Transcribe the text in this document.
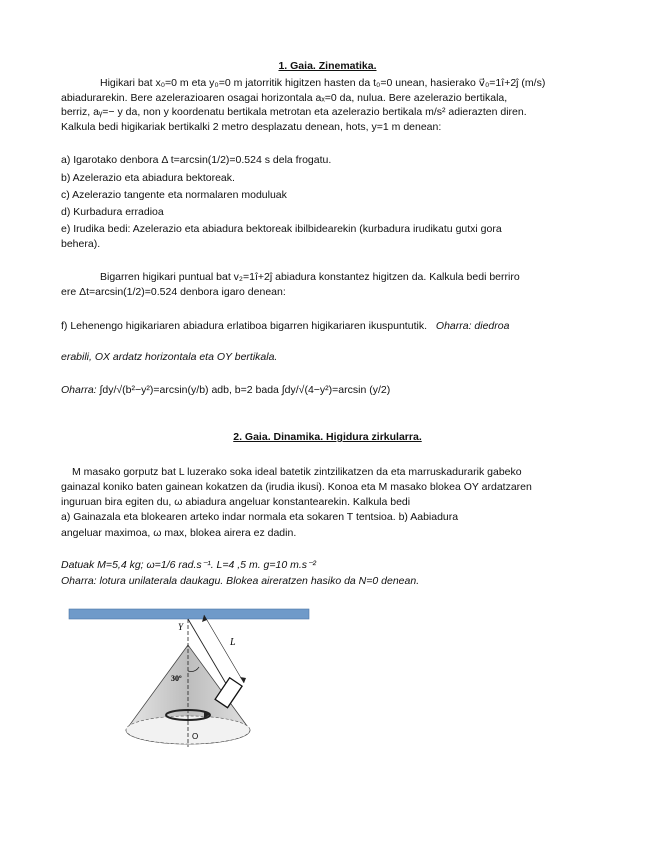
1. Gaia. Zinematika.
Higikari bat x₀=0 m eta y₀=0 m jatorritik higitzen hasten da t₀=0 unean, hasierako v⃗₀=1î+2ĵ (m/s)
abiadurarekin. Bere azelerazioaren osagai horizontala aₓ=0 da, nulua. Bere azelerazio bertikala,
berriz, aᵧ=− y da, non y koordenatu bertikala metrotan eta azelerazio bertikala m/s² adierazten diren.
Kalkula bedi higikariak bertikalki 2 metro desplazatu denean, hots, y=1 m denean:
a) Igarotako denbora Δ t=arcsin(1/2)=0.524 s dela frogatu.
b) Azelerazio eta abiadura bektoreak.
c) Azelerazio tangente eta normalaren moduluak
d) Kurbadura erradioa
e) Irudika bedi: Azelerazio eta abiadura bektoreak ibilbidearekin (kurbadura irudikatu gutxi gora
behera).
Bigarren higikari puntual bat v₂=1î+2ĵ abiadura konstantez higitzen da. Kalkula bedi berriro
ere Δt=arcsin(1/2)=0.524 denbora igaro denean:
f) Lehenengo higikariaren abiadura erlatiboa bigarren higikariaren ikuspuntutik. Oharra: diedroa
erabili, OX ardatz horizontala eta OY bertikala.
Oharra: ∫dy/√(b²−y²)=arcsin(y/b) adb, b=2 bada ∫dy/√(4−y²)=arcsin (y/2)
2. Gaia. Dinamika. Higidura zirkularra.
M masako gorputz bat L luzerako soka ideal batetik zintzilikatzen da eta marruskadurarik gabeko
gainazal koniko baten gainean kokatzen da (irudia ikusi). Konoa eta M masako blokea OY ardatzaren
inguruan bira egiten du, ω abiadura angeluar konstantearekin. Kalkula bedi
a) Gainazala eta blokearen arteko indar normala eta sokaren T tentsioa. b) Aabiadura
angeluar maximoa, ω max, blokea airera ez dadin.
Datuak M=5,4 kg; ω=1/6 rad.s⁻¹. L=4 ,5 m. g=10 m.s⁻²
Oharra: lotura unilaterala daukagu. Blokea aireratzen hasiko da N=0 denean.
Y
30º
L
O
